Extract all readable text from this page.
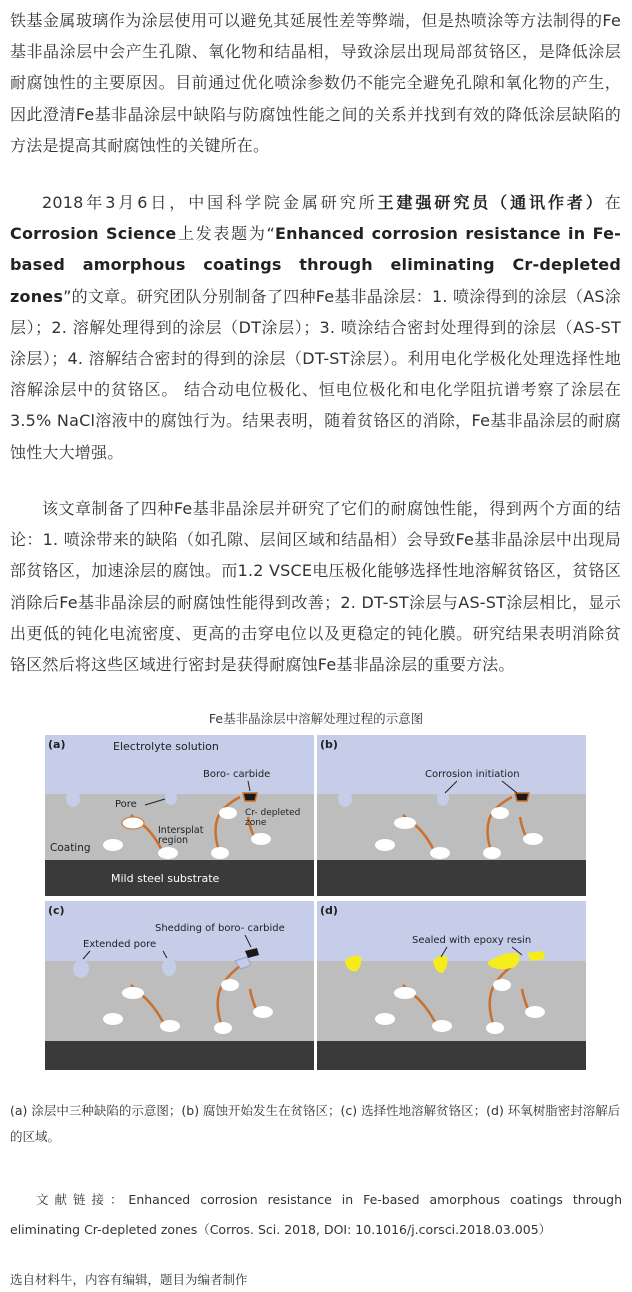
铁基金属玻璃作为涂层使用可以避免其延展性差等弊端，但是热喷涂等方法制得的Fe基非晶涂层中会产生孔隙、氧化物和结晶相，导致涂层出现局部贫铬区，是降低涂层耐腐蚀性的主要原因。目前通过优化喷涂参数仍不能完全避免孔隙和氧化物的产生，因此澄清Fe基非晶涂层中缺陷与防腐蚀性能之间的关系并找到有效的降低涂层缺陷的方法是提高其耐腐蚀性的关键所在。

2018年3月6日，中国科学院金属研究所王建强研究员（通讯作者）在Corrosion Science上发表题为“Enhanced corrosion resistance in Fe-based amorphous coatings through eliminating Cr-depleted zones”的文章。研究团队分别制备了四种Fe基非晶涂层：1. 喷涂得到的涂层（AS涂层）；2. 溶解处理得到的涂层（DT涂层）；3. 喷涂结合密封处理得到的涂层（AS-ST涂层）；4. 溶解结合密封的得到的涂层（DT-ST涂层）。利用电化学极化处理选择性地溶解涂层中的贫铬区。 结合动电位极化、恒电位极化和电化学阻抗谱考察了涂层在3.5% NaCl溶液中的腐蚀行为。结果表明，随着贫铬区的消除，Fe基非晶涂层的耐腐蚀性大大增强。

该文章制备了四种Fe基非晶涂层并研究了它们的耐腐蚀性能，得到两个方面的结论：1. 喷涂带来的缺陷（如孔隙、层间区域和结晶相）会导致Fe基非晶涂层中出现局部贫铬区，加速涂层的腐蚀。而1.2 VSCE电压极化能够选择性地溶解贫铬区，贫铬区消除后Fe基非晶涂层的耐腐蚀性能得到改善；2. DT-ST涂层与AS-ST涂层相比，显示出更低的钝化电流密度、更高的击穿电位以及更稳定的钝化膜。研究结果表明消除贫铬区然后将这些区域进行密封是获得耐腐蚀Fe基非晶涂层的重要方法。

Fe基非晶涂层中溶解处理过程的示意图
(a)	Electrolyte solution
Boro- carbide
Pore
Cr- depleted
zone
Intersplat
region
Coating
Mild steel substrate
(b)
Corrosion initiation
(c)
Shedding of boro- carbide
Extended pore
(d)
Sealed with epoxy resin

(a) 涂层中三种缺陷的示意图；(b) 腐蚀开始发生在贫铬区；(c) 选择性地溶解贫铬区；(d) 环氧树脂密封溶解后的区域。

文献链接：Enhanced corrosion resistance in Fe-based amorphous coatings through eliminating Cr-depleted zones（Corros. Sci. 2018, DOI: 10.1016/j.corsci.2018.03.005）

选自材料牛，内容有编辑，题目为编者制作
